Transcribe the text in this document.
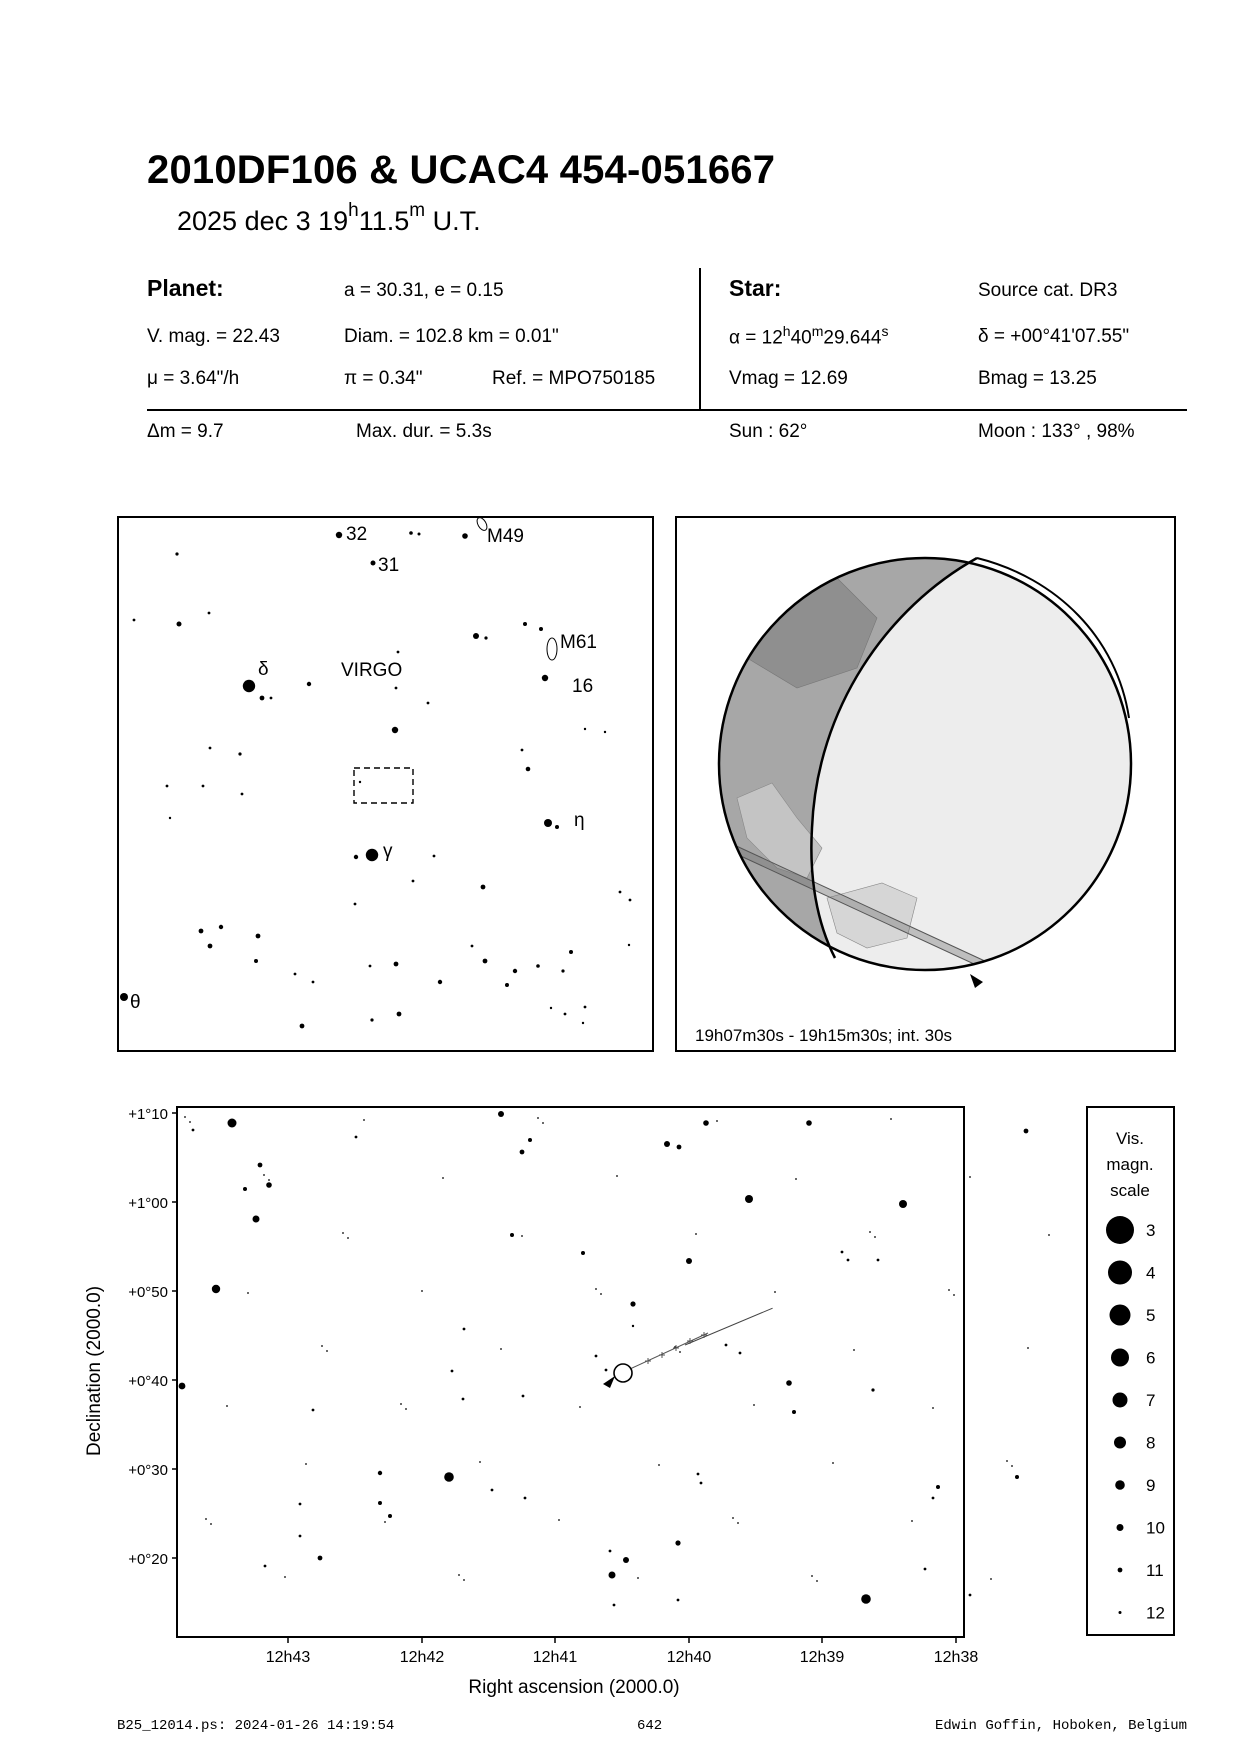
2010DF106 & UCAC4 454-051667
2025 dec 3 19$^h$11.5$^m$ U.T.
Planet:	a = 30.31, e = 0.15
V. mag. = 22.43	Diam. = 102.8 km = 0.01"
μ = 3.64"/h	π = 0.34"	Ref. = MPO750185
Star:	Source cat. DR3
$\alpha = 12^h40^m29.644^s$	δ = +00°41'07.55"
Vmag = 12.69	Bmag = 13.25
Δm = 9.7	Max. dur. = 5.3s	Sun : 62°	Moon : 133° , 98%
32
31
M49
M61
16
δ	VIRGO
η
γ
θ
19h07m30s - 19h15m30s; int. 30s
+1°10
+1°00
+0°50
+0°40
+0°30
+0°20
12h43	12h42	12h41	12h40	12h39	12h38
Right ascension (2000.0)
Declination (2000.0)
Vis.
magn.
scale
3
4
5
6
7
8
9
10
11
12
B25_12014.ps: 2024-01-26 14:19:54	642	Edwin Goffin, Hoboken, Belgium
